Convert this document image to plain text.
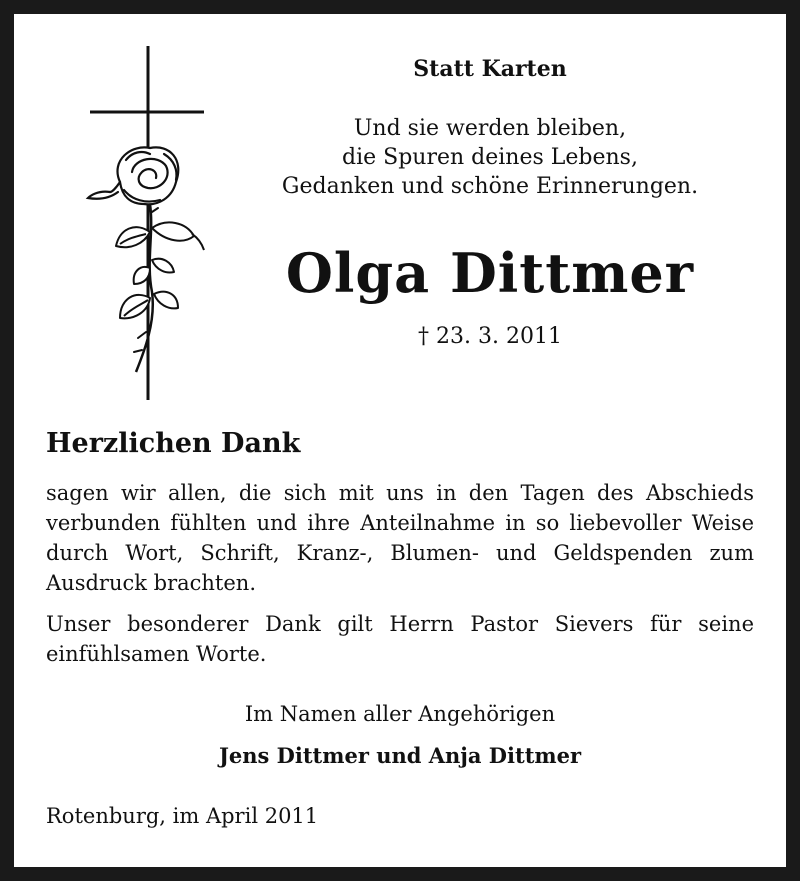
Statt Karten
Und sie werden bleiben,
die Spuren deines Lebens,
Gedanken und schöne Erinnerungen.
Olga Dittmer
† 23. 3. 2011
Herzlichen Dank
sagen wir allen, die sich mit uns in den Tagen des Abschieds verbunden fühlten und ihre Anteilnahme in so liebevoller Weise durch Wort, Schrift, Kranz-, Blumen- und Geldspenden zum Ausdruck brachten.
Unser besonderer Dank gilt Herrn Pastor Sievers für seine einfühlsamen Worte.
Im Namen aller Angehörigen
Jens Dittmer und Anja Dittmer
Rotenburg, im April 2011
